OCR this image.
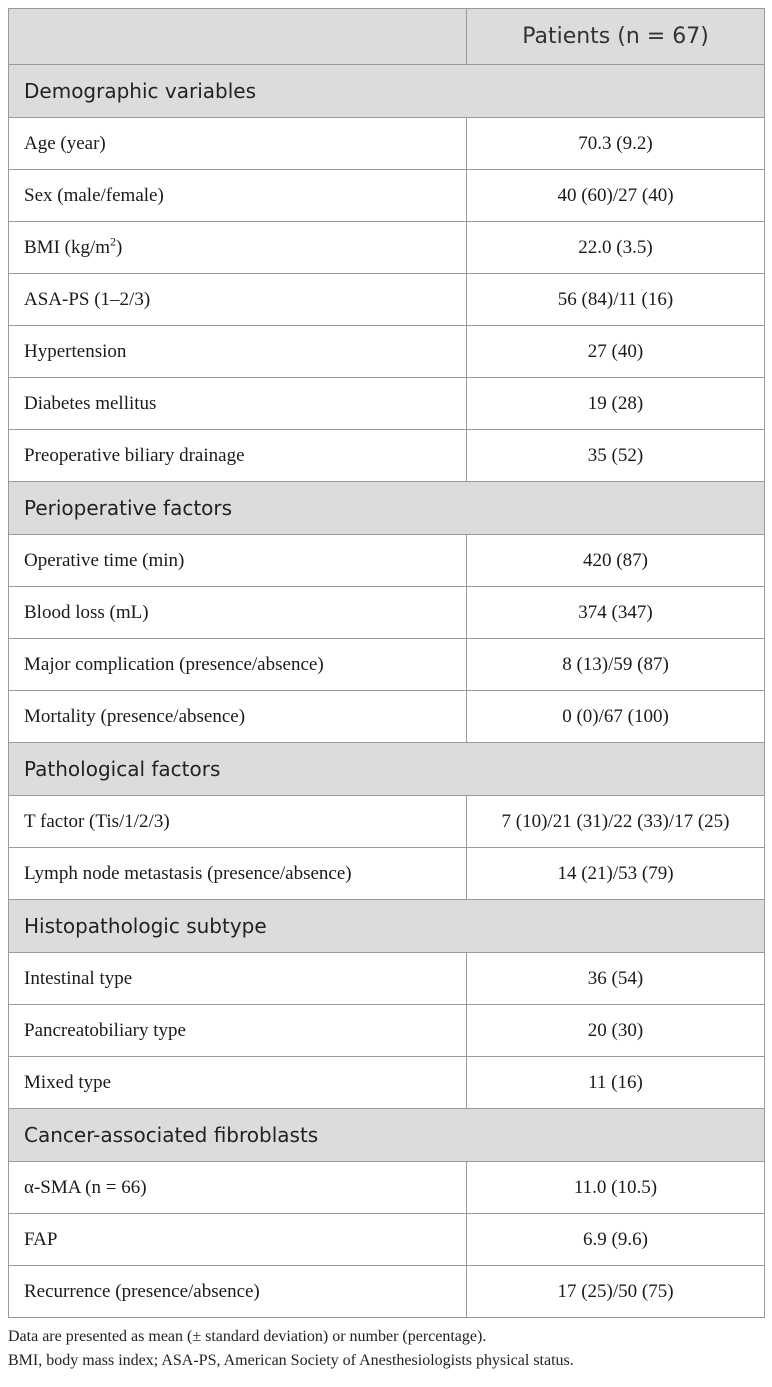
	Patients (n = 67)
Demographic variables	
Age (year)	70.3 (9.2)
Sex (male/female)	40 (60)/27 (40)
BMI $(kg/m^2)$	22.0 (3.5)
ASA-PS (1–2/3)	56 (84)/11 (16)
Hypertension	27 (40)
Diabetes mellitus	19 (28)
Preoperative biliary drainage	35 (52)
Perioperative factors	
Operative time (min)	420 (87)
Blood loss (mL)	374 (347)
Major complication (presence/absence)	8 (13)/59 (87)
Mortality (presence/absence)	0 (0)/67 (100)
Pathological factors	
T factor (Tis/1/2/3)	7 (10)/21 (31)/22 (33)/17 (25)
Lymph node metastasis (presence/absence)	14 (21)/53 (79)
Histopathologic subtype	
Intestinal type	36 (54)
Pancreatobiliary type	20 (30)
Mixed type	11 (16)
Cancer-associated fibroblasts	
α-SMA (n = 66)	11.0 (10.5)
FAP	6.9 (9.6)
Recurrence (presence/absence)	17 (25)/50 (75)
Data are presented as mean (± standard deviation) or number (percentage).
BMI, body mass index; ASA-PS, American Society of Anesthesiologists physical status.
